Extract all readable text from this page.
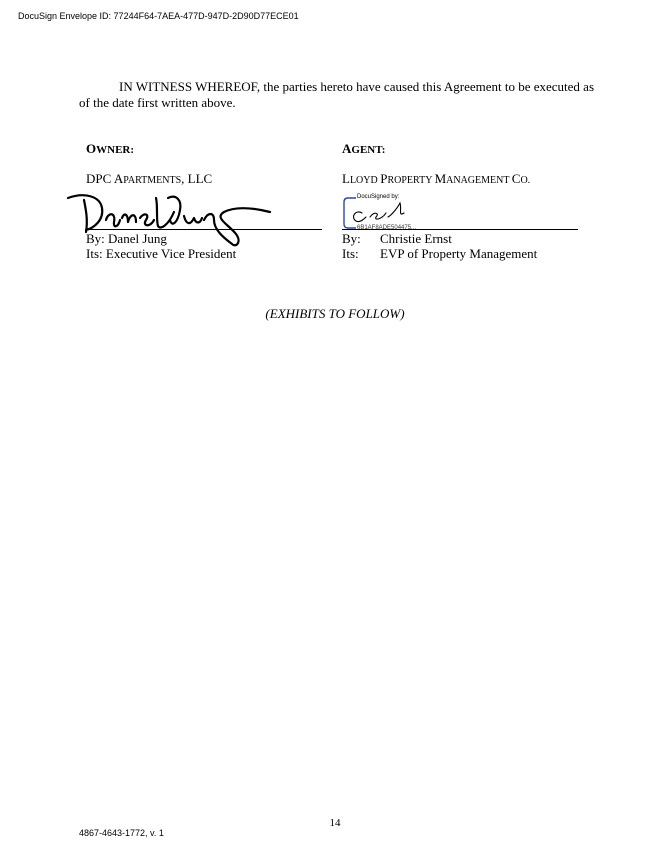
DocuSign Envelope ID: 77244F64-7AEA-477D-947D-2D90D77ECE01
IN WITNESS WHEREOF, the parties hereto have caused this Agreement to be executed as of the date first written above.
OWNER:
DPC APARTMENTS, LLC
By: Danel Jung
Its: Executive Vice President
AGENT:
LLOYD PROPERTY MANAGEMENT CO.
DocuSigned by:
6B1AF8ADE504475...
By: Christie Ernst
Its: EVP of Property Management
(EXHIBITS TO FOLLOW)
14
4867-4643-1772, v. 1
